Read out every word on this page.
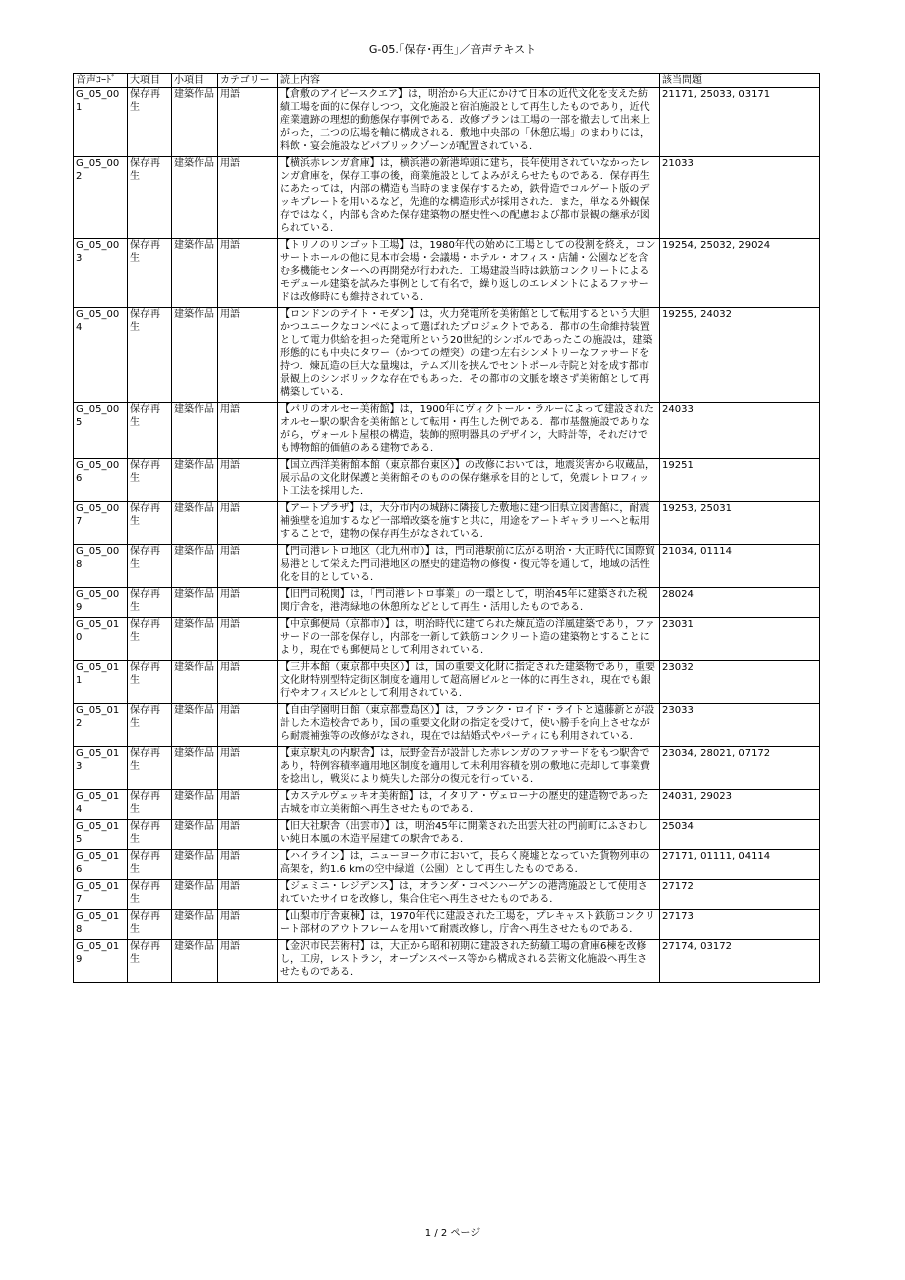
G-05.｢保存･再生｣／音声テキスト
音声ｺｰﾄﾞ	大項目	小項目	カテゴリー	読上内容	該当問題
G_05_001	保存再生	建築作品	用語	【倉敷のアイビースクエア】は，明治から大正にかけて日本の近代文化を支えた紡績工場を面的に保存しつつ，文化施設と宿泊施設として再生したものであり，近代産業遺跡の理想的動態保存事例である．改修プランは工場の一部を撤去して出来上がった，二つの広場を軸に構成される．敷地中央部の「休憩広場」のまわりには，料飲・宴会施設などパブリックゾーンが配置されている．	21171, 25033, 03171
G_05_002	保存再生	建築作品	用語	【横浜赤レンガ倉庫】は，横浜港の新港埠頭に建ち，長年使用されていなかったレンガ倉庫を，保存工事の後，商業施設としてよみがえらせたものである．保存再生にあたっては，内部の構造も当時のまま保存するため，鉄骨造でコルゲート版のデッキプレートを用いるなど，先進的な構造形式が採用された．また，単なる外観保存ではなく，内部も含めた保存建築物の歴史性への配慮および都市景観の継承が図られている．	21033
G_05_003	保存再生	建築作品	用語	【トリノのリンゴット工場】は，1980年代の始めに工場としての役割を終え，コンサートホールの他に見本市会場・会議場・ホテル・オフィス・店舗・公園などを含む多機能センターへの再開発が行われた．工場建設当時は鉄筋コンクリートによるモデュール建築を試みた事例として有名で，繰り返しのエレメントによるファサードは改修時にも維持されている．	19254, 25032, 29024
G_05_004	保存再生	建築作品	用語	【ロンドンのテイト・モダン】は，火力発電所を美術館として転用するという大胆かつユニークなコンペによって選ばれたプロジェクトである．都市の生命維持装置として電力供給を担った発電所という20世紀的シンボルであったこの施設は，建築形態的にも中央にタワー（かつての煙突）の建つ左右シンメトリーなファサードを持つ．煉瓦造の巨大な量塊は，テムズ川を挟んでセントポール寺院と対を成す都市景観上のシンボリックな存在でもあった．その都市の文脈を壊さず美術館として再構築している．	19255, 24032
G_05_005	保存再生	建築作品	用語	【パリのオルセー美術館】は，1900年にヴィクトール・ラルーによって建設されたオルセー駅の駅舎を美術館として転用・再生した例である．都市基盤施設でありながら，ヴォールト屋根の構造，装飾的照明器具のデザイン，大時計等，それだけでも博物館的価値のある建物である．	24033
G_05_006	保存再生	建築作品	用語	【国立西洋美術館本館（東京都台東区）】の改修においては，地震災害から収蔵品，展示品の文化財保護と美術館そのものの保存継承を目的として，免震レトロフィット工法を採用した．	19251
G_05_007	保存再生	建築作品	用語	【アートプラザ】は，大分市内の城跡に隣接した敷地に建つ旧県立図書館に，耐震補強壁を追加するなど一部増改築を施すと共に，用途をアートギャラリーへと転用することで，建物の保存再生がなされている．	19253, 25031
G_05_008	保存再生	建築作品	用語	【門司港レトロ地区（北九州市）】は，門司港駅前に広がる明治・大正時代に国際貿易港として栄えた門司港地区の歴史的建造物の修復・復元等を通して，地域の活性化を目的としている．	21034, 01114
G_05_009	保存再生	建築作品	用語	【旧門司税関】は，「門司港レトロ事業」の一環として，明治45年に建築された税関庁舎を，港湾緑地の休憩所などとして再生・活用したものである．	28024
G_05_010	保存再生	建築作品	用語	【中京郵便局（京都市）】は，明治時代に建てられた煉瓦造の洋風建築であり，ファサードの一部を保存し，内部を一新して鉄筋コンクリート造の建築物とすることにより，現在でも郵便局として利用されている．	23031
G_05_011	保存再生	建築作品	用語	【三井本館（東京都中央区）】は，国の重要文化財に指定された建築物であり，重要文化財特別型特定街区制度を適用して超高層ビルと一体的に再生され，現在でも銀行やオフィスビルとして利用されている．	23032
G_05_012	保存再生	建築作品	用語	【自由学園明日館（東京都豊島区）】は，フランク・ロイド・ライトと遠藤新とが設計した木造校舎であり，国の重要文化財の指定を受けて，使い勝手を向上させながら耐震補強等の改修がなされ，現在では結婚式やパーティにも利用されている．	23033
G_05_013	保存再生	建築作品	用語	【東京駅丸の内駅舎】は，辰野金吾が設計した赤レンガのファサードをもつ駅舎であり，特例容積率適用地区制度を適用して未利用容積を別の敷地に売却して事業費を捻出し，戦災により焼失した部分の復元を行っている．	23034, 28021, 07172
G_05_014	保存再生	建築作品	用語	【カステルヴェッキオ美術館】は，イタリア・ヴェローナの歴史的建造物であった古城を市立美術館へ再生させたものである．	24031, 29023
G_05_015	保存再生	建築作品	用語	【旧大社駅舎（出雲市）】は，明治45年に開業された出雲大社の門前町にふさわしい純日本風の木造平屋建ての駅舎である．	25034
G_05_016	保存再生	建築作品	用語	【ハイライン】は，ニューヨーク市において，長らく廃墟となっていた貨物列車の高架を，約1.6 kmの空中緑道（公園）として再生したものである．	27171, 01111, 04114
G_05_017	保存再生	建築作品	用語	【ジェミニ・レジデンス】は，オランダ・コペンハーゲンの港湾施設として使用されていたサイロを改修し，集合住宅へ再生させたものである．	27172
G_05_018	保存再生	建築作品	用語	【山梨市庁舎東棟】は，1970年代に建設された工場を，プレキャスト鉄筋コンクリート部材のアウトフレームを用いて耐震改修し，庁舎へ再生させたものである．	27173
G_05_019	保存再生	建築作品	用語	【金沢市民芸術村】は，大正から昭和初期に建設された紡績工場の倉庫6棟を改修し，工房，レストラン，オープンスペース等から構成される芸術文化施設へ再生させたものである．	27174, 03172
1 / 2 ページ
